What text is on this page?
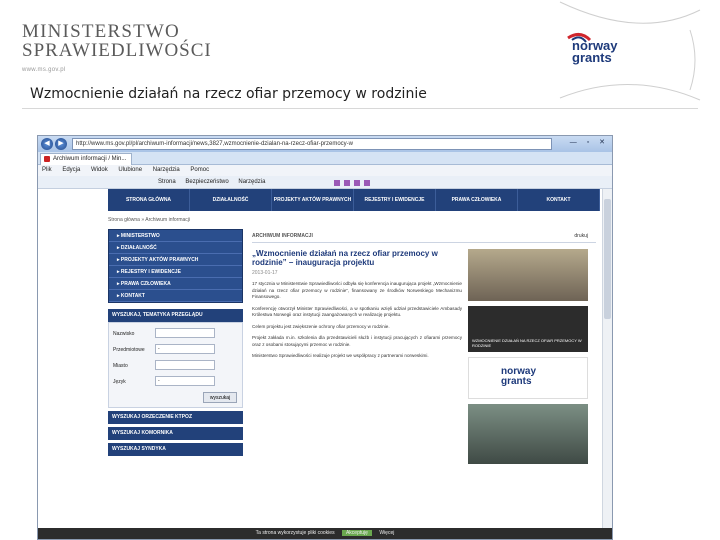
MINISTERSTWO
SPRAWIEDLIWOŚCI
www.ms.gov.pl
norway
grants
Wzmocnienie działań na rzecz ofiar przemocy w rodzinie
◀	▶	http://www.ms.gov.pl/pl/archiwum-informacji/news,3827,wzmocnienie-dzialan-na-rzecz-ofiar-przemocy-w	— ▫ ✕
Archiwum informacji / Min...
Plik Edycja Widok Ulubione Narzędzia Pomoc
Strona Bezpieczeństwo Narzędzia
STRONA GŁÓWNA	DZIAŁALNOŚĆ	PROJEKTY AKTÓW PRAWNYCH	REJESTRY I EWIDENCJE	PRAWA CZŁOWIEKA	KONTAKT
Strona główna » Archiwum informacji
▸ MINISTERSTWO
▸ DZIAŁALNOŚĆ
▸ PROJEKTY AKTÓW PRAWNYCH
▸ REJESTRY I EWIDENCJE
▸ PRAWA CZŁOWIEKA
▸ KONTAKT
WYSZUKAJ, TEMATYKA PRZEGLĄDU
Nazwisko
Przedmiotowe	-
Miasto
Język	-
wyszukaj
WYSZUKAJ ORZECZENIE KTPOZ
WYSZUKAJ KOMORNIKA
WYSZUKAJ SYNDYKA
ARCHIWUM INFORMACJI	drukuj
„Wzmocnienie działań na rzecz ofiar przemocy w rodzinie” – inauguracja projektu
2013-01-17
17 stycznia w Ministerstwie Sprawiedliwości odbyła się konferencja inaugurująca projekt „Wzmocnienie działań na rzecz ofiar przemocy w rodzinie”, finansowany ze środków Norweskiego Mechanizmu Finansowego.
Konferencję otworzył Minister Sprawiedliwości, a w spotkaniu wzięli udział przedstawiciele Ambasady Królestwa Norwegii oraz instytucji zaangażowanych w realizację projektu.
Celem projektu jest zwiększenie ochrony ofiar przemocy w rodzinie.
Projekt zakłada m.in. szkolenia dla przedstawicieli służb i instytucji pracujących z ofiarami przemocy oraz z osobami stosującymi przemoc w rodzinie.
Ministerstwo Sprawiedliwości realizuje projekt we współpracy z partnerami norweskimi.
WZMOCNIENIE DZIAŁAŃ NA RZECZ OFIAR PRZEMOCY W RODZINIE
norway
grants
Ta strona wykorzystuje pliki cookies Akceptuję Więcej
